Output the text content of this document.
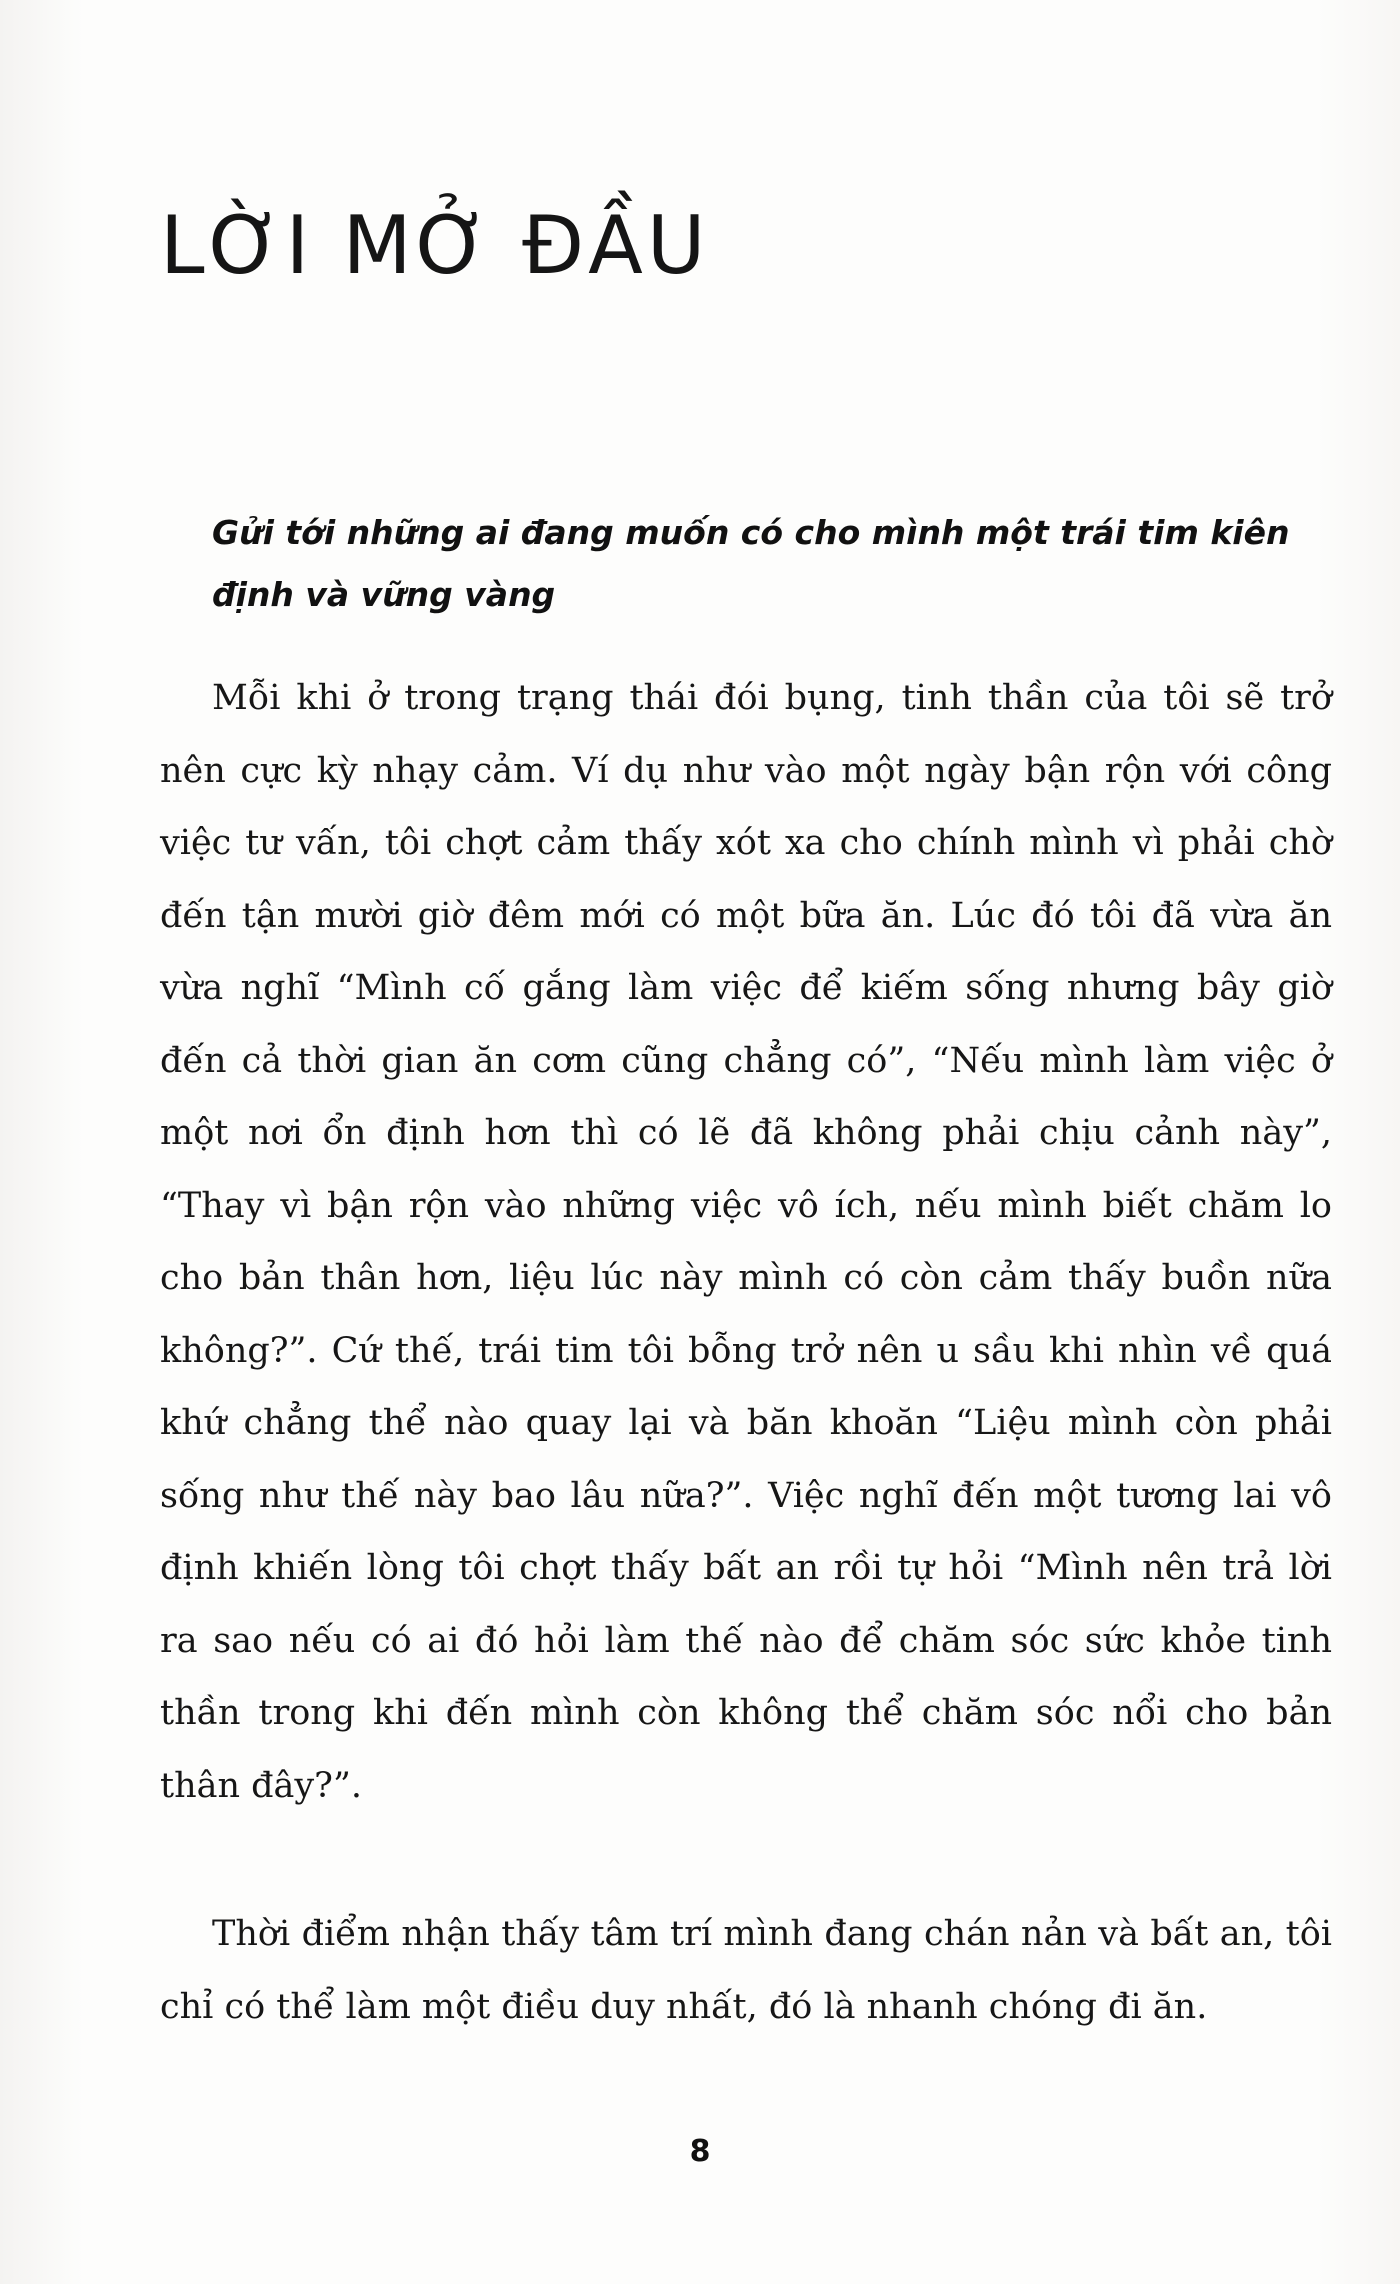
LỜI MỞ ĐẦU

Gửi tới những ai đang muốn có cho mình một trái tim kiên định và vững vàng

Mỗi khi ở trong trạng thái đói bụng, tinh thần của tôi sẽ trở nên cực kỳ nhạy cảm. Ví dụ như vào một ngày bận rộn với công việc tư vấn, tôi chợt cảm thấy xót xa cho chính mình vì phải chờ đến tận mười giờ đêm mới có một bữa ăn. Lúc đó tôi đã vừa ăn vừa nghĩ “Mình cố gắng làm việc để kiếm sống nhưng bây giờ đến cả thời gian ăn cơm cũng chẳng có”, “Nếu mình làm việc ở một nơi ổn định hơn thì có lẽ đã không phải chịu cảnh này”, “Thay vì bận rộn vào những việc vô ích, nếu mình biết chăm lo cho bản thân hơn, liệu lúc này mình có còn cảm thấy buồn nữa không?”. Cứ thế, trái tim tôi bỗng trở nên u sầu khi nhìn về quá khứ chẳng thể nào quay lại và băn khoăn “Liệu mình còn phải sống như thế này bao lâu nữa?”. Việc nghĩ đến một tương lai vô định khiến lòng tôi chợt thấy bất an rồi tự hỏi “Mình nên trả lời ra sao nếu có ai đó hỏi làm thế nào để chăm sóc sức khỏe tinh thần trong khi đến mình còn không thể chăm sóc nổi cho bản thân đây?”.

Thời điểm nhận thấy tâm trí mình đang chán nản và bất an, tôi chỉ có thể làm một điều duy nhất, đó là nhanh chóng đi ăn.

8
